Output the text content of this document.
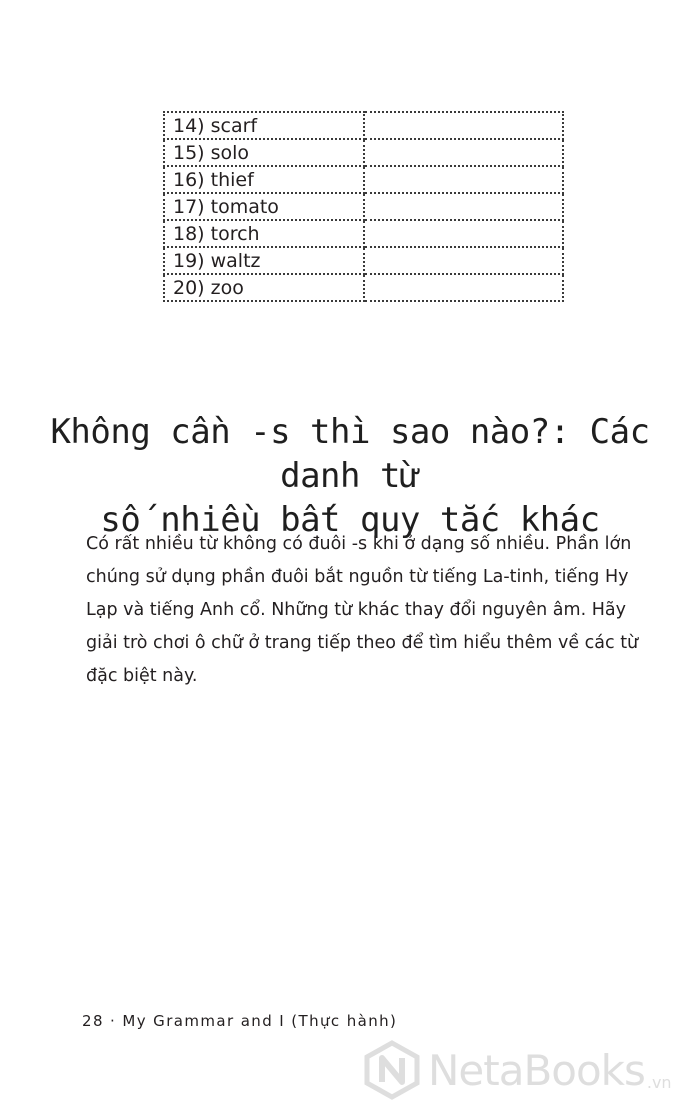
14) scarf	
15) solo	
16) thief	
17) tomato	
18) torch	
19) waltz	
20) zoo	
Không cần -s thì sao nào?: Các danh từ
số nhiều bất quy tắc khác
Có rất nhiều từ không có đuôi -s khi ở dạng số nhiều. Phần lớn
chúng sử dụng phần đuôi bắt nguồn từ tiếng La-tinh, tiếng Hy
Lạp và tiếng Anh cổ. Những từ khác thay đổi nguyên âm. Hãy
giải trò chơi ô chữ ở trang tiếp theo để tìm hiểu thêm về các từ
đặc biệt này.
28 · My Grammar and I (Thực hành)
NetaBooks .vn
